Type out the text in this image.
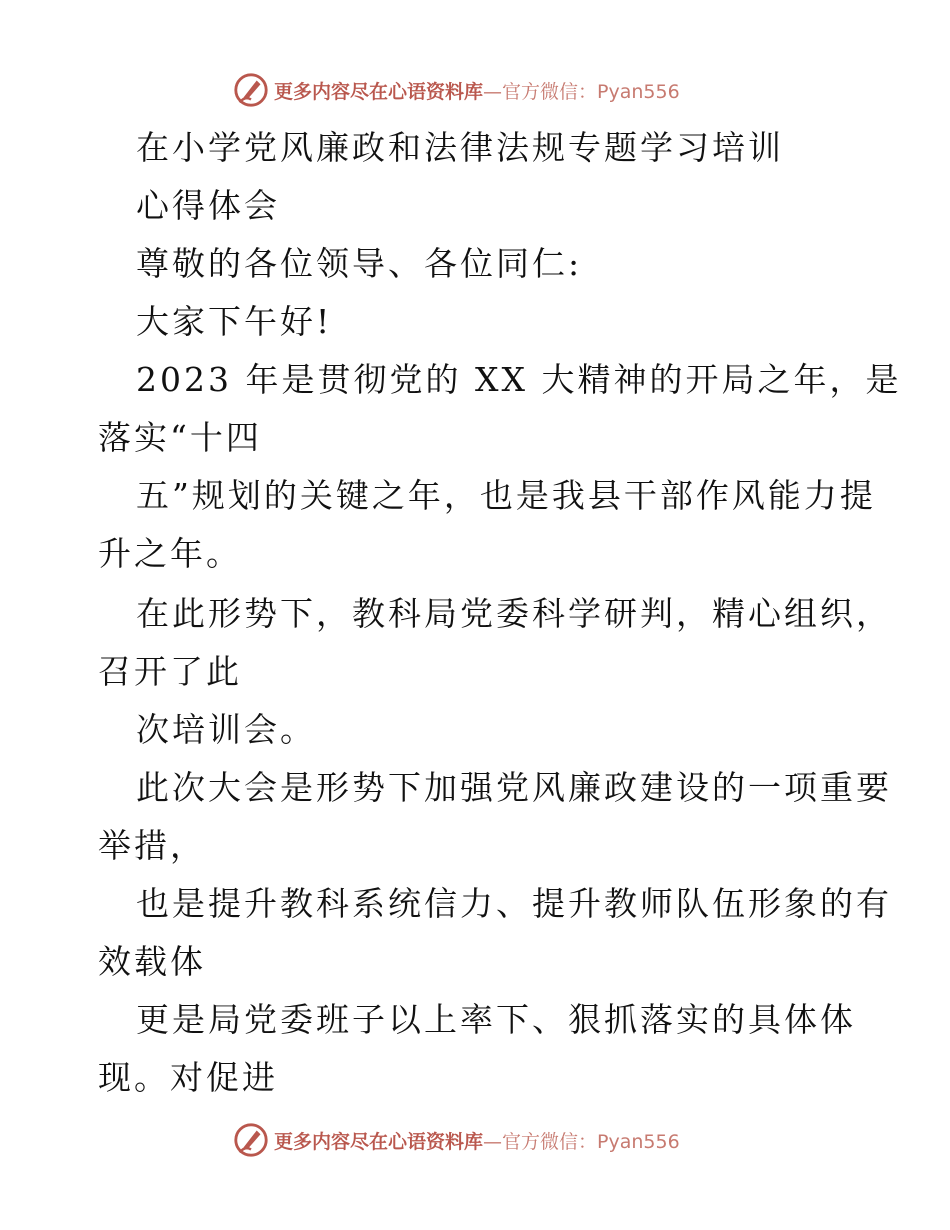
更多内容尽在心语资料库 —官方微信：Pyan556
在小学党风廉政和法律法规专题学习培训
心得体会
尊敬的各位领导、各位同仁:
大家下午好!
2023 年是贯彻党的 XX 大精神的开局之年，是
落实“十四
五”规划的关键之年，也是我县干部作风能力提
升之年。
在此形势下，教科局党委科学研判，精心组织，
召开了此
次培训会。
此次大会是形势下加强党风廉政建设的一项重要
举措，
也是提升教科系统信力、提升教师队伍形象的有
效载体
更是局党委班子以上率下、狠抓落实的具体体
现。对促进
更多内容尽在心语资料库 —官方微信：Pyan556
